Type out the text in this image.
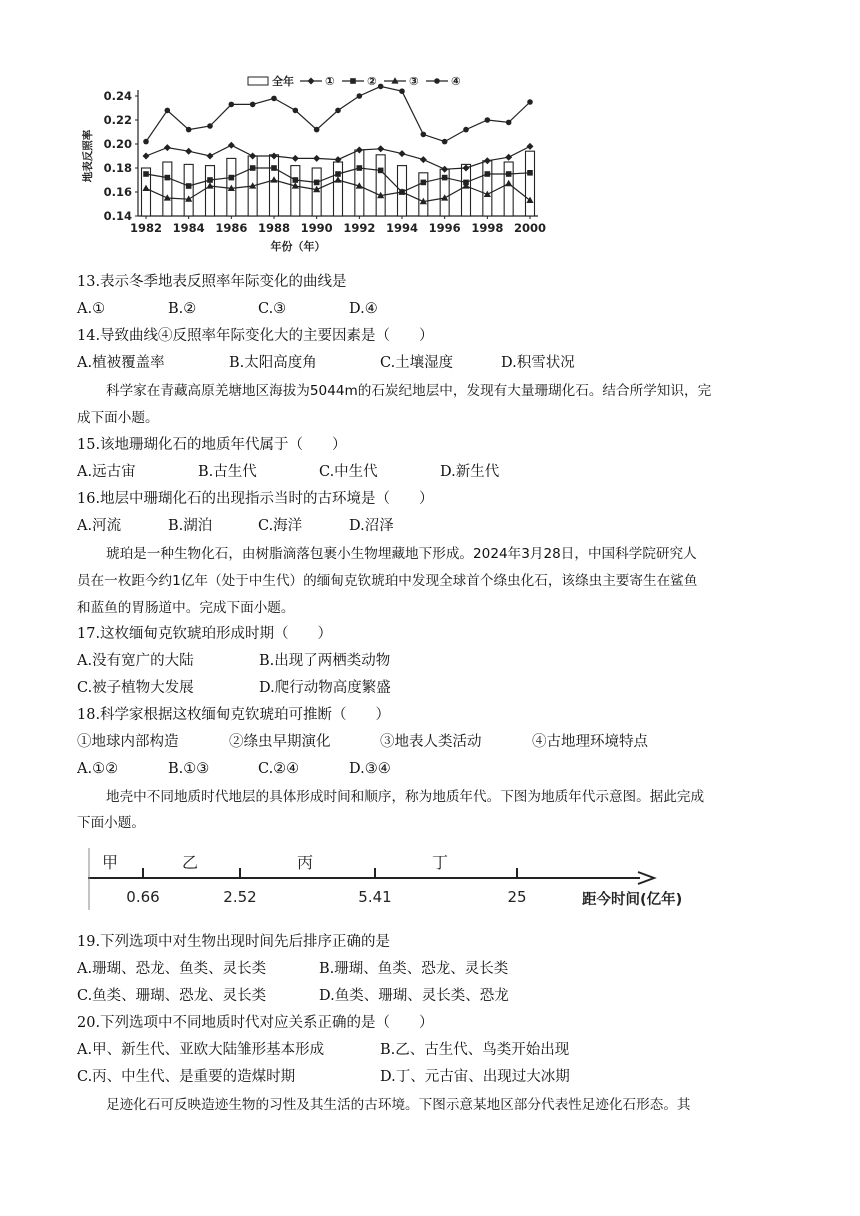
0.24
0.22
0.20
0.18
0.16
0.14
地表反照率
1982 1984 1986 1988 1990 1992 1994 1996 1998 2000
年份（年）
全年	①	②	③	④
13.表示冬季地表反照率年际变化的曲线是
A.①	B.②	C.③	D.④
14.导致曲线④反照率年际变化大的主要因素是（　　）
A.植被覆盖率	B.太阳高度角	C.土壤湿度	D.积雪状况
科学家在青藏高原羌塘地区海拔为5044m的石炭纪地层中，发现有大量珊瑚化石。结合所学知识，完
成下面小题。
15.该地珊瑚化石的地质年代属于（　　）
A.远古宙	B.古生代	C.中生代	D.新生代
16.地层中珊瑚化石的出现指示当时的古环境是（　　）
A.河流	B.湖泊	C.海洋	D.沼泽
琥珀是一种生物化石，由树脂滴落包裹小生物埋藏地下形成。2024年3月28日，中国科学院研究人
员在一枚距今约1亿年（处于中生代）的缅甸克钦琥珀中发现全球首个绦虫化石，该绦虫主要寄生在鲨鱼
和蓝鱼的胃肠道中。完成下面小题。
17.这枚缅甸克钦琥珀形成时期（　　）
A.没有宽广的大陆	B.出现了两栖类动物
C.被子植物大发展	D.爬行动物高度繁盛
18.科学家根据这枚缅甸克钦琥珀可推断（　　）
①地球内部构造	②绦虫早期演化	③地表人类活动	④古地理环境特点
A.①②	B.①③	C.②④	D.③④
地壳中不同地质时代地层的具体形成时间和顺序，称为地质年代。下图为地质年代示意图。据此完成
下面小题。
0.66	2.52	5.41	25
甲	乙	丙	丁
距今时间(亿年)
19.下列选项中对生物出现时间先后排序正确的是
A.珊瑚、恐龙、鱼类、灵长类	B.珊瑚、鱼类、恐龙、灵长类
C.鱼类、珊瑚、恐龙、灵长类	D.鱼类、珊瑚、灵长类、恐龙
20.下列选项中不同地质时代对应关系正确的是（　　）
A.甲、新生代、亚欧大陆雏形基本形成	B.乙、古生代、鸟类开始出现
C.丙、中生代、是重要的造煤时期	D.丁、元古宙、出现过大冰期
足迹化石可反映造迹生物的习性及其生活的古环境。下图示意某地区部分代表性足迹化石形态。其
